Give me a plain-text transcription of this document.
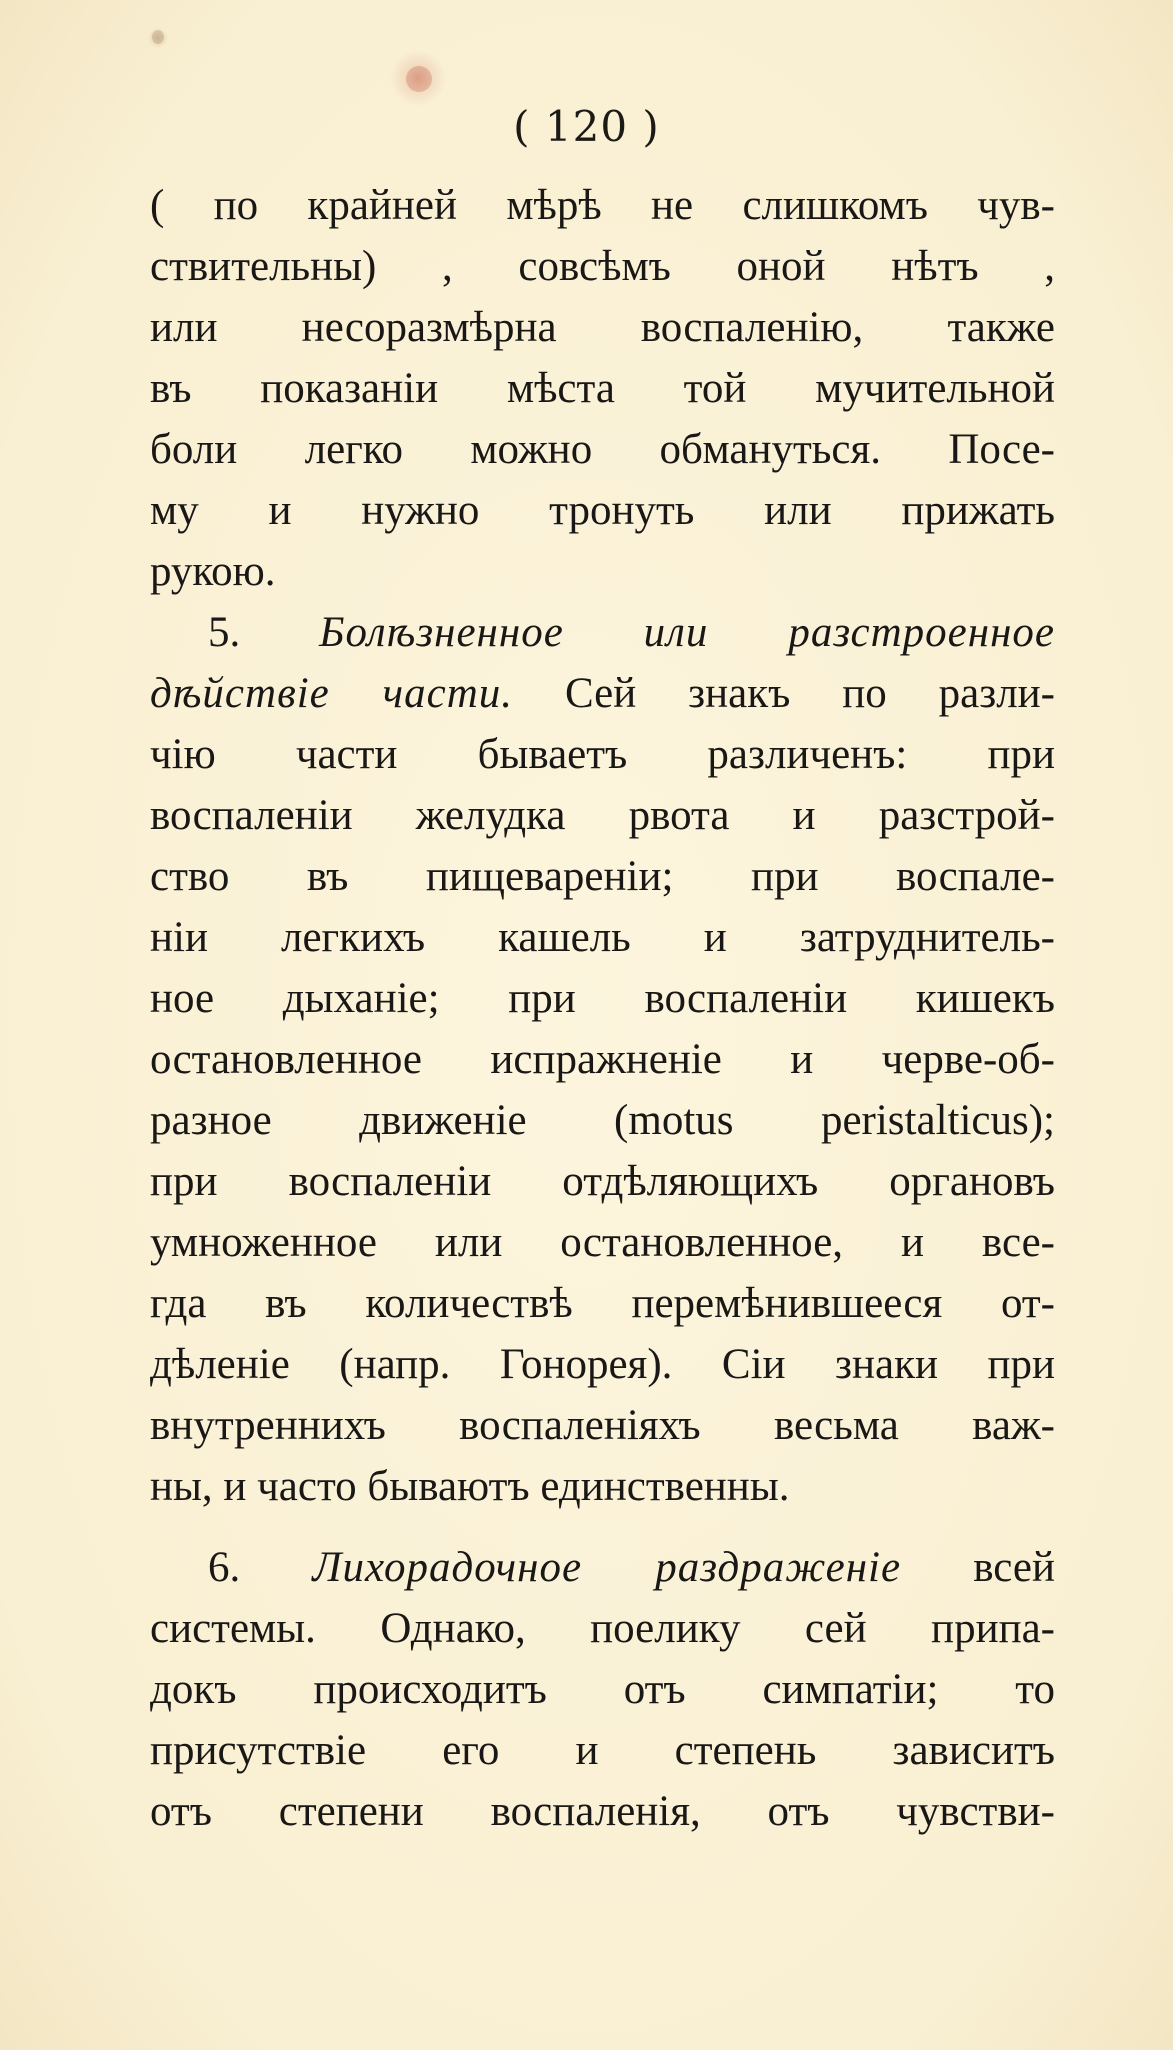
( 120 )
( по крайней мѣрѣ не слишкомъ чув-
ствительны) , совсѣмъ оной нѣтъ ,
или несоразмѣрна воспаленію, также
въ показаніи мѣста той мучительной
боли легко можно обмануться. Посе-
му и нужно тронуть или прижать
рукою.
5. Болѣзненное или разстроенное
дѣйствіе части. Сей знакъ по разли-
чію части бываетъ различенъ: при
воспаленіи желудка рвота и разстрой-
ство въ пищевареніи; при воспале-
ніи легкихъ кашель и затруднитель-
ное дыханіе; при воспаленіи кишекъ
остановленное испражненіе и черве-об-
разное движеніе (motus peristalticus);
при воспаленіи отдѣляющихъ органовъ
умноженное или остановленное, и все-
гда въ количествѣ перемѣнившееся от-
дѣленіе (напр. Гонорея). Сіи знаки при
внутреннихъ воспаленіяхъ весьма важ-
ны, и часто бываютъ единственны.
6. Лихорадочное раздраженіе всей
системы. Однако, поелику сей припа-
докъ происходитъ отъ симпатіи; то
присутствіе его и степень зависитъ
отъ степени воспаленія, отъ чувстви-
